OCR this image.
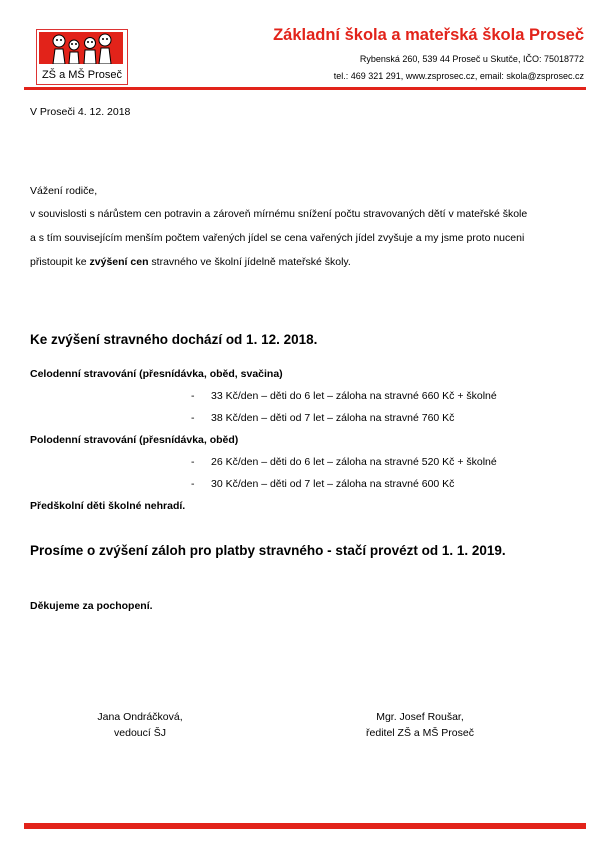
ZŠ a MŠ Proseč
Základní škola a mateřská škola Proseč
Rybenská 260, 539 44 Proseč u Skutče, IČO: 75018772
tel.: 469 321 291, www.zsprosec.cz, email: skola@zsprosec.cz
V Proseči 4. 12. 2018
Vážení rodiče,
v souvislosti s nárůstem cen potravin a zároveň mírnému snížení počtu stravovaných dětí v mateřské škole
a s tím souvisejícím menším počtem vařených jídel se cena vařených jídel zvyšuje a my jsme proto nuceni
přistoupit ke zvýšení cen stravného ve školní jídelně mateřské školy.
Ke zvýšení stravného dochází od 1. 12. 2018.
Celodenní stravování (přesnídávka, oběd, svačina)
- 33 Kč/den – děti do 6 let – záloha na stravné 660 Kč + školné
- 38 Kč/den – děti od 7 let – záloha na stravné 760 Kč
Polodenní stravování (přesnídávka, oběd)
- 26 Kč/den – děti do 6 let – záloha na stravné 520 Kč + školné
- 30 Kč/den – děti od 7 let – záloha na stravné 600 Kč
Předškolní děti školné nehradí.
Prosíme o zvýšení záloh pro platby stravného - stačí provézt od 1. 1. 2019.
Děkujeme za pochopení.
Jana Ondráčková,
vedoucí ŠJ
Mgr. Josef Roušar,
ředitel ZŠ a MŠ Proseč
